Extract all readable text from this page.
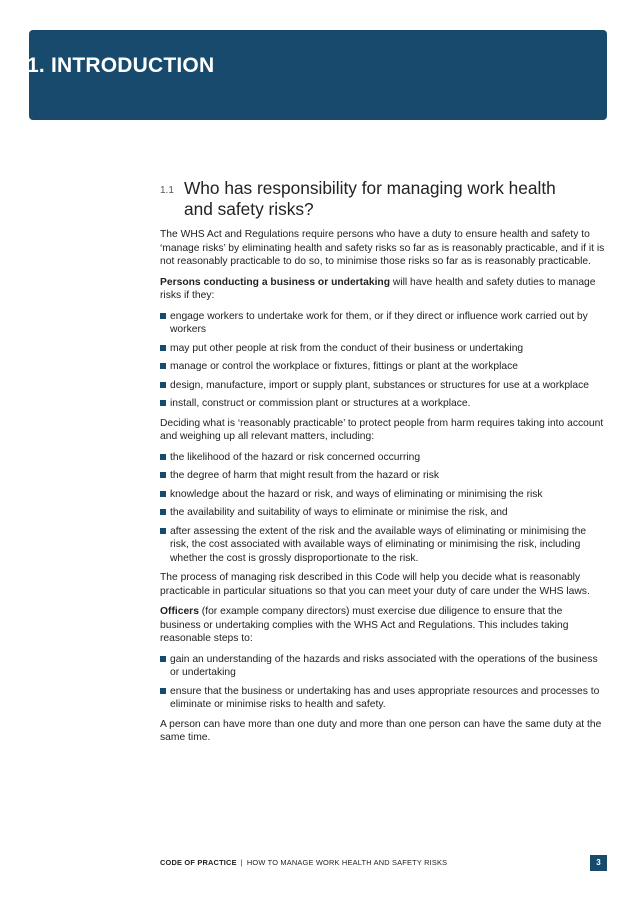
1. INTRODUCTION
1.1 Who has responsibility for managing work health
and safety risks?

The WHS Act and Regulations require persons who have a duty to ensure health and safety to ‘manage risks’ by eliminating health and safety risks so far as is reasonably practicable, and if it is not reasonably practicable to do so, to minimise those risks so far as is reasonably practicable.

Persons conducting a business or undertaking will have health and safety duties to manage risks if they:

engage workers to undertake work for them, or if they direct or influence work carried out by workers
may put other people at risk from the conduct of their business or undertaking
manage or control the workplace or fixtures, fittings or plant at the workplace
design, manufacture, import or supply plant, substances or structures for use at a workplace
install, construct or commission plant or structures at a workplace.

Deciding what is ‘reasonably practicable’ to protect people from harm requires taking into account and weighing up all relevant matters, including:

the likelihood of the hazard or risk concerned occurring
the degree of harm that might result from the hazard or risk
knowledge about the hazard or risk, and ways of eliminating or minimising the risk
the availability and suitability of ways to eliminate or minimise the risk, and
after assessing the extent of the risk and the available ways of eliminating or minimising the risk, the cost associated with available ways of eliminating or minimising the risk, including whether the cost is grossly disproportionate to the risk.

The process of managing risk described in this Code will help you decide what is reasonably practicable in particular situations so that you can meet your duty of care under the WHS laws.

Officers (for example company directors) must exercise due diligence to ensure that the business or undertaking complies with the WHS Act and Regulations. This includes taking reasonable steps to:

gain an understanding of the hazards and risks associated with the operations of the business or undertaking
ensure that the business or undertaking has and uses appropriate resources and processes to eliminate or minimise risks to health and safety.

A person can have more than one duty and more than one person can have the same duty at the same time.

CODE OF PRACTICE | HOW TO MANAGE WORK HEALTH AND SAFETY RISKS	3
